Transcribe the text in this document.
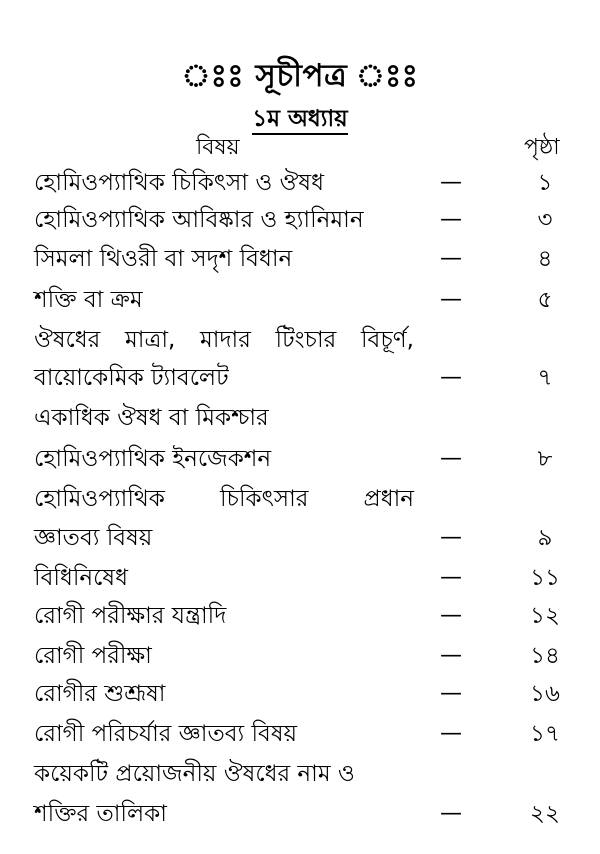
ঃঃ সূচীপত্র ঃঃ
১ম অধ্যায়
বিষয়	পৃষ্ঠা
হোমিওপ্যাথিক চিকিৎসা ও ঔষধ	—	১
হোমিওপ্যাথিক আবিষ্কার ও হ্যানিমান	—	৩
সিমলা থিওরী বা সদৃশ বিধান	—	৪
শক্তি বা ক্রম	—	৫
ঔষধের মাত্রা, মাদার টিংচার বিচূর্ণ,
বায়োকেমিক ট্যাবলেট	—	৭
একাধিক ঔষধ বা মিকশ্চার
হোমিওপ্যাথিক ইনজেকশন	—	৮
হোমিওপ্যাথিক চিকিৎসার প্রধান
জ্ঞাতব্য বিষয়	—	৯
বিধিনিষেধ	—	১১
রোগী পরীক্ষার যন্ত্রাদি	—	১২
রোগী পরীক্ষা	—	১৪
রোগীর শুশ্রূষা	—	১৬
রোগী পরিচর্যার জ্ঞাতব্য বিষয়	—	১৭
কয়েকটি প্রয়োজনীয় ঔষধের নাম ও
শক্তির তালিকা	—	২২
